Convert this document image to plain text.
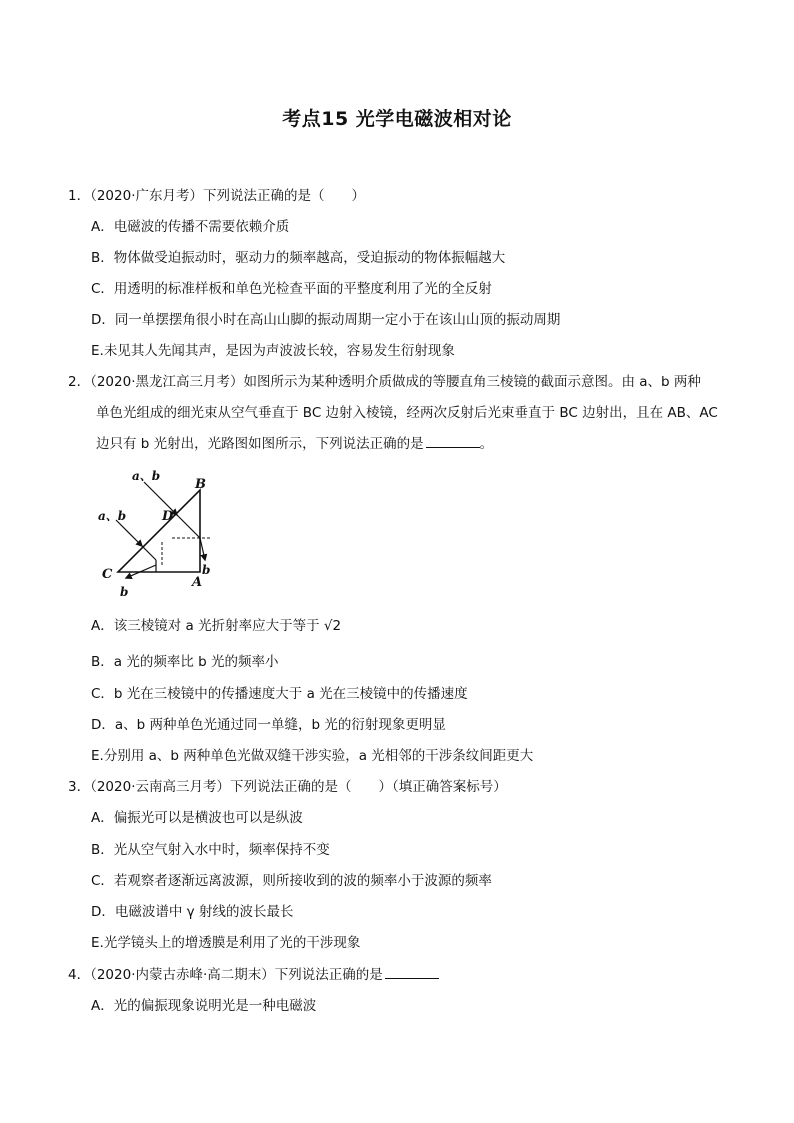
考点15 光学电磁波相对论
1．（2020·广东月考）下列说法正确的是（　　）
A．电磁波的传播不需要依赖介质
B．物体做受迫振动时，驱动力的频率越高，受迫振动的物体振幅越大
C．用透明的标准样板和单色光检查平面的平整度利用了光的全反射
D．同一单摆摆角很小时在高山山脚的振动周期一定小于在该山山顶的振动周期
E.未见其人先闻其声，是因为声波波长较，容易发生衍射现象
2．（2020·黑龙江高三月考）如图所示为某种透明介质做成的等腰直角三棱镜的截面示意图。由 a、b 两种
单色光组成的细光束从空气垂直于 BC 边射入棱镜，经两次反射后光束垂直于 BC 边射出，且在 AB、AC
边只有 b 光射出，光路图如图所示，下列说法正确的是	。
a、b
a、b
B
D
C
A
b
b
A．该三棱镜对 a 光折射率应大于等于 √2
B．a 光的频率比 b 光的频率小
C．b 光在三棱镜中的传播速度大于 a 光在三棱镜中的传播速度
D．a、b 两种单色光通过同一单缝，b 光的衍射现象更明显
E.分别用 a、b 两种单色光做双缝干涉实验，a 光相邻的干涉条纹间距更大
3．（2020·云南高三月考）下列说法正确的是（　　）（填正确答案标号）
A．偏振光可以是横波也可以是纵波
B．光从空气射入水中时，频率保持不变
C．若观察者逐渐远离波源，则所接收到的波的频率小于波源的频率
D．电磁波谱中 γ 射线的波长最长
E.光学镜头上的增透膜是利用了光的干涉现象
4．（2020·内蒙古赤峰·高二期末）下列说法正确的是
A．光的偏振现象说明光是一种电磁波
